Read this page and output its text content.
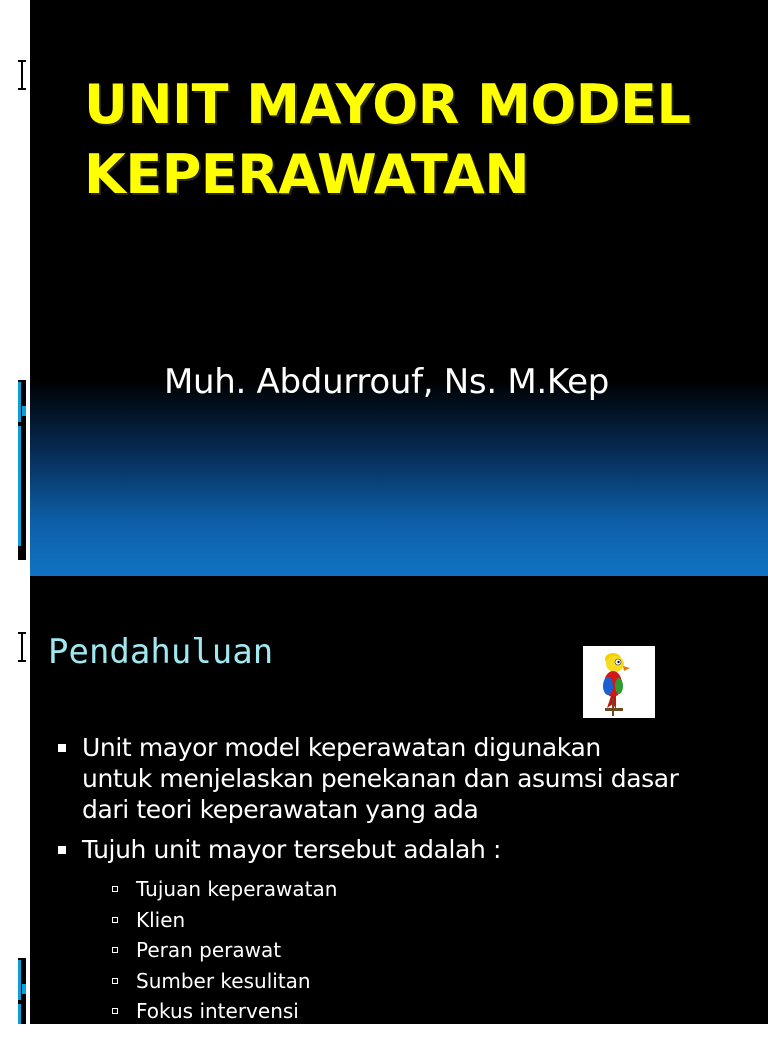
UNIT MAYOR MODEL
KEPERAWATAN
Muh. Abdurrouf, Ns. M.Kep
Pendahuluan
Unit mayor model keperawatan digunakan
untuk menjelaskan penekanan dan asumsi dasar
dari teori keperawatan yang ada
Tujuh unit mayor tersebut adalah :
Tujuan keperawatan
Klien
Peran perawat
Sumber kesulitan
Fokus intervensi
Mode intervensi
